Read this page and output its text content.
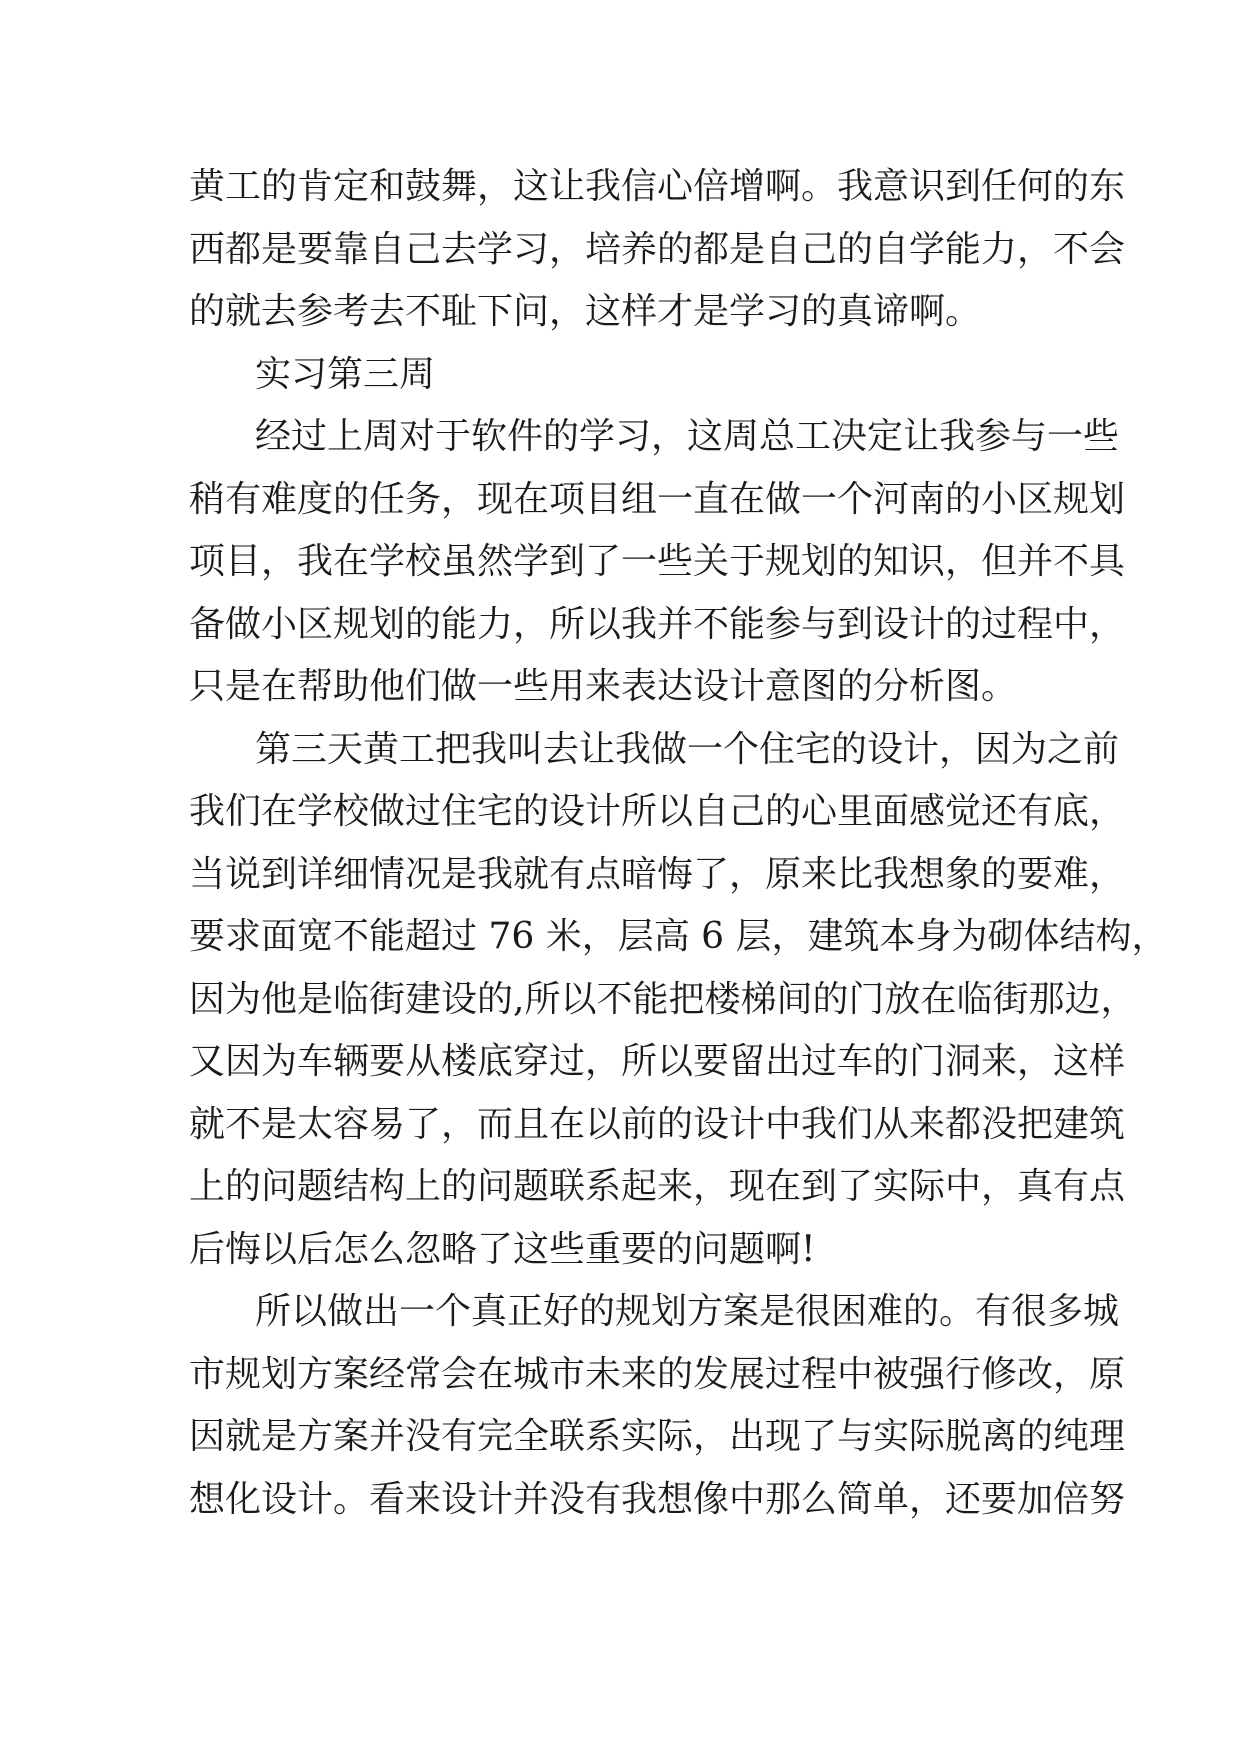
黄工的肯定和鼓舞，这让我信心倍增啊。我意识到任何的东
西都是要靠自己去学习，培养的都是自己的自学能力，不会
的就去参考去不耻下问，这样才是学习的真谛啊。
实习第三周
经过上周对于软件的学习，这周总工决定让我参与一些
稍有难度的任务，现在项目组一直在做一个河南的小区规划
项目，我在学校虽然学到了一些关于规划的知识，但并不具
备做小区规划的能力，所以我并不能参与到设计的过程中，
只是在帮助他们做一些用来表达设计意图的分析图。
第三天黄工把我叫去让我做一个住宅的设计，因为之前
我们在学校做过住宅的设计所以自己的心里面感觉还有底，
当说到详细情况是我就有点暗悔了，原来比我想象的要难，
要求面宽不能超过 76 米，层高 6 层，建筑本身为砌体结构，
因为他是临街建设的,所以不能把楼梯间的门放在临街那边，
又因为车辆要从楼底穿过，所以要留出过车的门洞来，这样
就不是太容易了，而且在以前的设计中我们从来都没把建筑
上的问题结构上的问题联系起来，现在到了实际中，真有点
后悔以后怎么忽略了这些重要的问题啊!
所以做出一个真正好的规划方案是很困难的。有很多城
市规划方案经常会在城市未来的发展过程中被强行修改，原
因就是方案并没有完全联系实际，出现了与实际脱离的纯理
想化设计。看来设计并没有我想像中那么简单，还要加倍努
